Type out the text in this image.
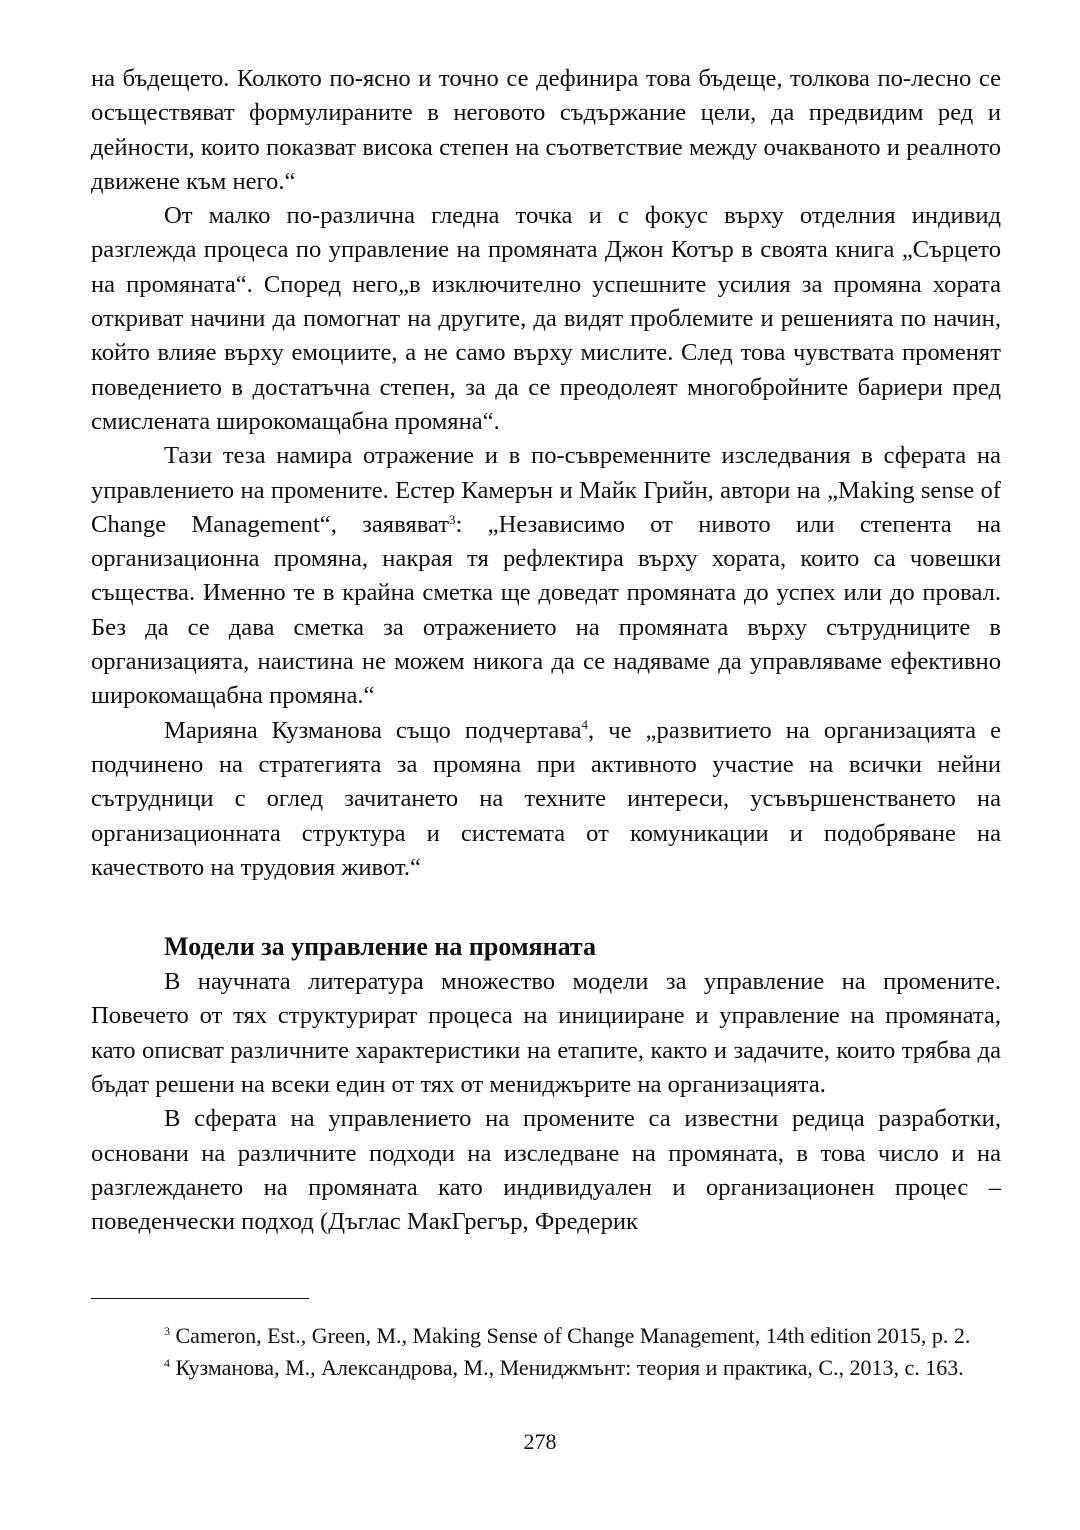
на бъдещето. Колкото по-ясно и точно се дефинира това бъдеще, толкова по-лесно се осъществяват формулираните в неговото съдържание цели, да предвидим ред и дейности, които показват висока степен на съответствие между очакваното и реалното движене към него.“

От малко по-различна гледна точка и с фокус върху отделния индивид разглежда процеса по управление на промяната Джон Котър в своята книга „Сърцето на промяната“. Според него„в изключително успешните усилия за промяна хората откриват начини да помогнат на другите, да видят проблемите и решенията по начин, който влияе върху емоциите, а не само върху мислите. След това чувствата променят поведението в достатъчна степен, за да се преодолеят многобройните бариери пред смислената широкомащабна промяна“.

Тази теза намира отражение и в по-съвременните изследвания в сферата на управлението на промените. Естер Камерън и Майк Грийн, автори на „Making sense of Change Management“, заявяват$^3$: „Независимо от нивото или степента на организационна промяна, накрая тя рефлектира върху хората, които са човешки същества. Именно те в крайна сметка ще доведат промяната до успех или до провал. Без да се дава сметка за отражението на промяната върху сътрудниците в организацията, наистина не можем никога да се надяваме да управляваме ефективно широкомащабна промяна.“

Марияна Кузманова също подчертава$^4$, че „развитието на организацията е подчинено на стратегията за промяна при активното участие на всички нейни сътрудници с оглед зачитането на техните интереси, усъвършенстването на организационната структура и системата от комуникации и подобряване на качеството на трудовия живот.“

Модели за управление на промяната

В научната литература множество модели за управление на промените. Повечето от тях структурират процеса на иницииране и управление на промяната, като описват различните характеристики на етапите, както и задачите, които трябва да бъдат решени на всеки един от тях от мениджърите на организацията.

В сферата на управлението на промените са известни редица разработки, основани на различните подходи на изследване на промяната, в това число и на разглеждането на промяната като индивидуален и организационен процес – поведенчески подход (Дъглас МакГрегър, Фредерик

$^3$ Cameron, Est., Green, M., Making Sense of Change Management, 14th edition 2015, p. 2.

$^4$ Кузманова, М., Александрова, М., Мениджмънт: теория и практика, С., 2013, с. 163.

278
